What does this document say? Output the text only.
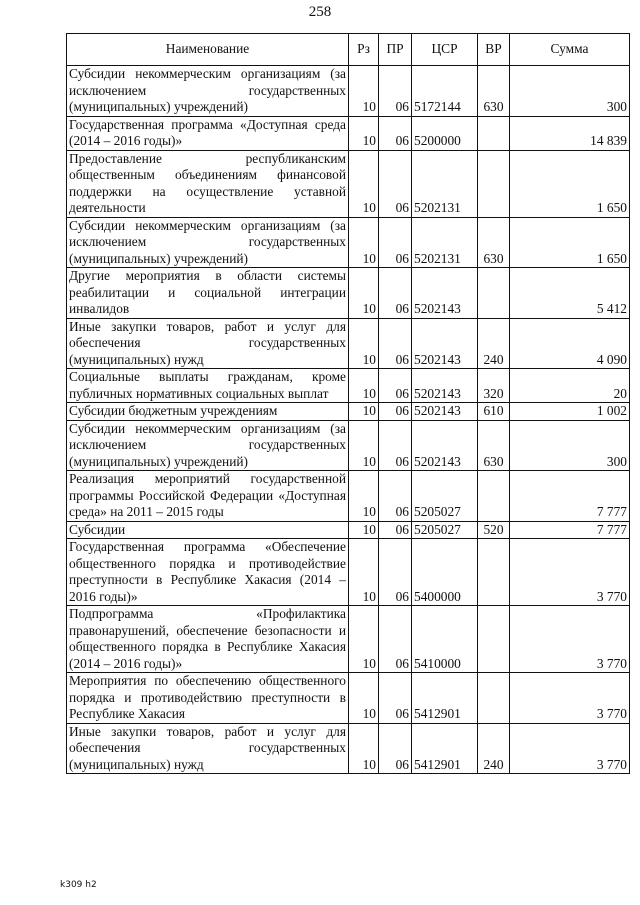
258
Наименование	Рз	ПР	ЦСР	ВР	Сумма
Субсидии некоммерческим организациям (за исключением государственных (муниципальных) учреждений)	10	06	5172144	630	300
Государственная программа «Доступная среда (2014 – 2016 годы)»	10	06	5200000		14 839
Предоставление республиканским общественным объединениям финансовой поддержки на осуществление уставной деятельности	10	06	5202131		1 650
Субсидии некоммерческим организациям (за исключением государственных (муниципальных) учреждений)	10	06	5202131	630	1 650
Другие мероприятия в области системы реабилитации и социальной интеграции инвалидов	10	06	5202143		5 412
Иные закупки товаров, работ и услуг для обеспечения государственных (муниципальных) нужд	10	06	5202143	240	4 090
Социальные выплаты гражданам, кроме публичных нормативных социальных выплат	10	06	5202143	320	20
Субсидии бюджетным учреждениям	10	06	5202143	610	1 002
Субсидии некоммерческим организациям (за исключением государственных (муниципальных) учреждений)	10	06	5202143	630	300
Реализация мероприятий государственной программы Российской Федерации «Доступная среда» на 2011 – 2015 годы	10	06	5205027		7 777
Субсидии	10	06	5205027	520	7 777
Государственная программа «Обеспечение общественного порядка и противодействие преступности в Республике Хакасия (2014 – 2016 годы)»	10	06	5400000		3 770
Подпрограмма «Профилактика правонарушений, обеспечение безопасности и общественного порядка в Республике Хакасия (2014 – 2016 годы)»	10	06	5410000		3 770
Мероприятия по обеспечению общественного порядка и противодействию преступности в Республике Хакасия	10	06	5412901		3 770
Иные закупки товаров, работ и услуг для обеспечения государственных (муниципальных) нужд	10	06	5412901	240	3 770
k309 h2
